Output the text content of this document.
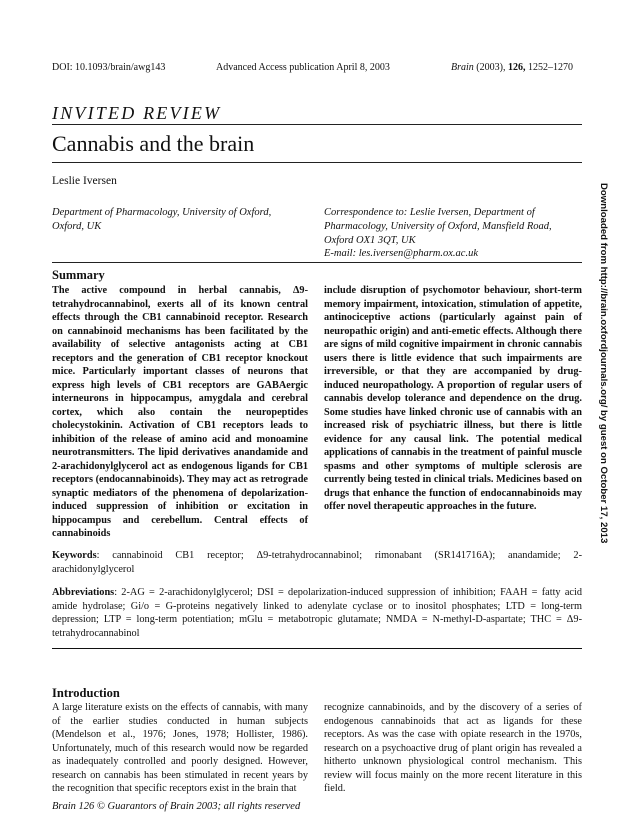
DOI: 10.1093/brain/awg143	Advanced Access publication April 8, 2003	Brain (2003), 126, 1252–1270
INVITED REVIEW
Cannabis and the brain
Leslie Iversen
Department of Pharmacology, University of Oxford,
Oxford, UK
Correspondence to: Leslie Iversen, Department of
Pharmacology, University of Oxford, Mansfield Road,
Oxford OX1 3QT, UK
E-mail: les.iversen@pharm.ox.ac.uk
Summary
The active compound in herbal cannabis, Δ9-tetrahydrocannabinol, exerts all of its known central effects through the CB1 cannabinoid receptor. Research on cannabinoid mechanisms has been facilitated by the availability of selective antagonists acting at CB1 receptors and the generation of CB1 receptor knockout mice. Particularly important classes of neurons that express high levels of CB1 receptors are GABAergic interneurons in hippocampus, amygdala and cerebral cortex, which also contain the neuropeptides cholecystokinin. Activation of CB1 receptors leads to inhibition of the release of amino acid and monoamine neurotransmitters. The lipid derivatives anandamide and 2-arachidonylglycerol act as endogenous ligands for CB1 receptors (endocannabinoids). They may act as retrograde synaptic mediators of the phenomena of depolarization-induced suppression of inhibition or excitation in hippocampus and cerebellum. Central effects of cannabinoids
include disruption of psychomotor behaviour, short-term memory impairment, intoxication, stimulation of appetite, antinociceptive actions (particularly against pain of neuropathic origin) and anti-emetic effects. Although there are signs of mild cognitive impairment in chronic cannabis users there is little evidence that such impairments are irreversible, or that they are accompanied by drug-induced neuropathology. A proportion of regular users of cannabis develop tolerance and dependence on the drug. Some studies have linked chronic use of cannabis with an increased risk of psychiatric illness, but there is little evidence for any causal link. The potential medical applications of cannabis in the treatment of painful muscle spasms and other symptoms of multiple sclerosis are currently being tested in clinical trials. Medicines based on drugs that enhance the function of endocannabinoids may offer novel therapeutic approaches in the future.
Keywords: cannabinoid CB1 receptor; Δ9-tetrahydrocannabinol; rimonabant (SR141716A); anandamide; 2-arachidonylglycerol
Abbreviations: 2-AG = 2-arachidonylglycerol; DSI = depolarization-induced suppression of inhibition; FAAH = fatty acid amide hydrolase; Gi/o = G-proteins negatively linked to adenylate cyclase or to inositol phosphates; LTD = long-term depression; LTP = long-term potentiation; mGlu = metabotropic glutamate; NMDA = N-methyl-D-aspartate; THC = Δ9-tetrahydrocannabinol
Introduction
A large literature exists on the effects of cannabis, with many of the earlier studies conducted in human subjects (Mendelson et al., 1976; Jones, 1978; Hollister, 1986). Unfortunately, much of this research would now be regarded as inadequately controlled and poorly designed. However, research on cannabis has been stimulated in recent years by the recognition that specific receptors exist in the brain that
recognize cannabinoids, and by the discovery of a series of endogenous cannabinoids that act as ligands for these receptors. As was the case with opiate research in the 1970s, research on a psychoactive drug of plant origin has revealed a hitherto unknown physiological control mechanism. This review will focus mainly on the more recent literature in this field.
Brain 126 © Guarantors of Brain 2003; all rights reserved
Downloaded from http://brain.oxfordjournals.org/ by guest on October 17, 2013
